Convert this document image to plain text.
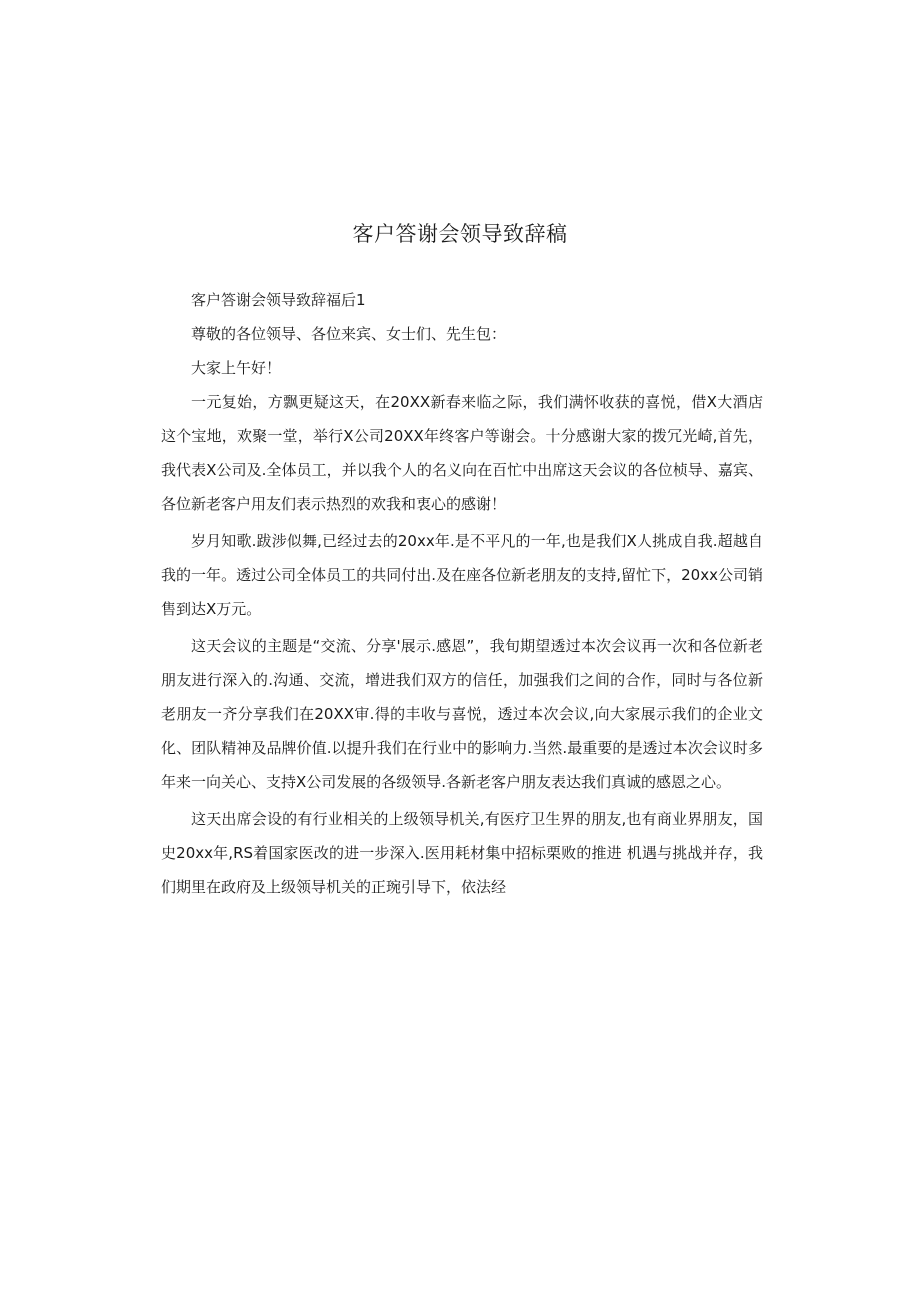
客户答谢会领导致辞稿

客户答谢会领导致辞福后1

尊敬的各位领导、各位来宾、女士们、先生包：

大家上午好！

一元复始，方飘更疑这天，在20XX新春来临之际，我们满怀收获的喜悦，借X大酒店这个宝地，欢聚一堂，举行X公司20XX年终客户等谢会。十分感谢大家的拨冗光崎,首先，我代表X公司及.全体员工，并以我个人的名义向在百忙中出席这天会议的各位桢导、嘉宾、各位新老客户用友们表示热烈的欢我和衷心的感谢！

岁月知歌.跋涉似舞,已经过去的20xx年.是不平凡的一年,也是我们X人挑成自我.超越自我的一年。透过公司全体员工的共同付出.及在座各位新老朋友的支持,留忙下，20xx公司销售到达X万元。

这天会议的主题是“交流、分享'展示.感恩”，我旬期望透过本次会议再一次和各位新老朋友进行深入的.沟通、交流，增进我们双方的信任，加强我们之间的合作，同时与各位新老朋友一齐分享我们在20XX审.得的丰收与喜悦，透过本次会议,向大家展示我们的企业文化、团队精神及品牌价值.以提升我们在行业中的影响力.当然.最重要的是透过本次会议时多年来一向关心、支持X公司发展的各级领导.各新老客户朋友表达我们真诚的感恩之心。

这天出席会设的有行业相关的上级领导机关,有医疗卫生界的朋友,也有商业界朋友，国史20xx年,RS着国家医改的进一步深入.医用耗材集中招标栗败的推进 机遇与挑战并存，我们期里在政府及上级领导机关的正琬引导下，依法经
